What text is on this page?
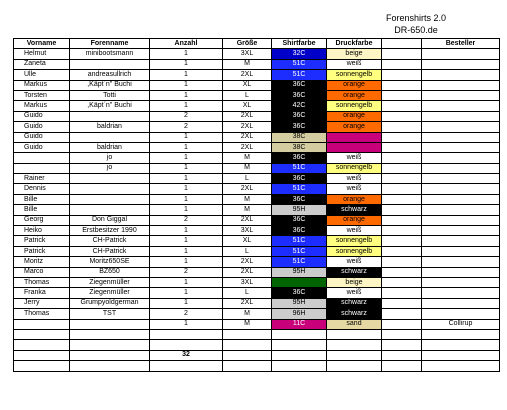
Forenshirts 2.0
DR-650.de
Vorname	Forenname	Anzahl	Größe	Shirtfarbe	Druckfarbe		Besteller
Helmut	minibootsmann	1	3XL	32C	beige		
Zaneta		1	M	51C	weiß		
Ulle	andreasullrich	1	2XL	51C	sonnengelb		
Markus	,Käpt´n" Buchi	1	XL	36C	orange		
Torsten	Totti	1	L	36C	orange		
Markus	,Käpt´n" Buchi	1	XL	42C	sonnengelb		
Guido		2	2XL	36C	orange		
Guido	baldrian	2	2XL	36C	orange		
Guido		1	2XL	38C	weinrot		
Guido	baldrian	1	2XL	38C	weinrot		
	jo	1	M	36C	weiß		
	jo	1	M	51C	sonnengelb		
Rainer		1	L	36C	weiß		
Dennis		1	2XL	51C	weiß		
Bille		1	M	36C	orange		
Bille		1	M	95H	schwarz		
Georg	Don Giggal	2	2XL	36C	orange		
Heiko	Erstbesitzer 1990	1	3XL	36C	weiß		
Patrick	CH-Patrick	1	XL	51C	sonnengelb		
Patrick	CH-Patrick	1	L	51C	sonnengelb		
Moritz	Moritz650SE	1	2XL	51C	weiß		
Marco	BZ650	2	2XL	95H	schwarz		
Thomas	Ziegenmüller	1	3XL		beige		
Franka	Ziegenmüller	1	L	36C	weiß		
Jerry	Grumpyoldgerman	1	2XL	95H	schwarz		
Thomas	TST	2	M	96H	schwarz		
		1	M	11C	sand		Collirup

		32					
